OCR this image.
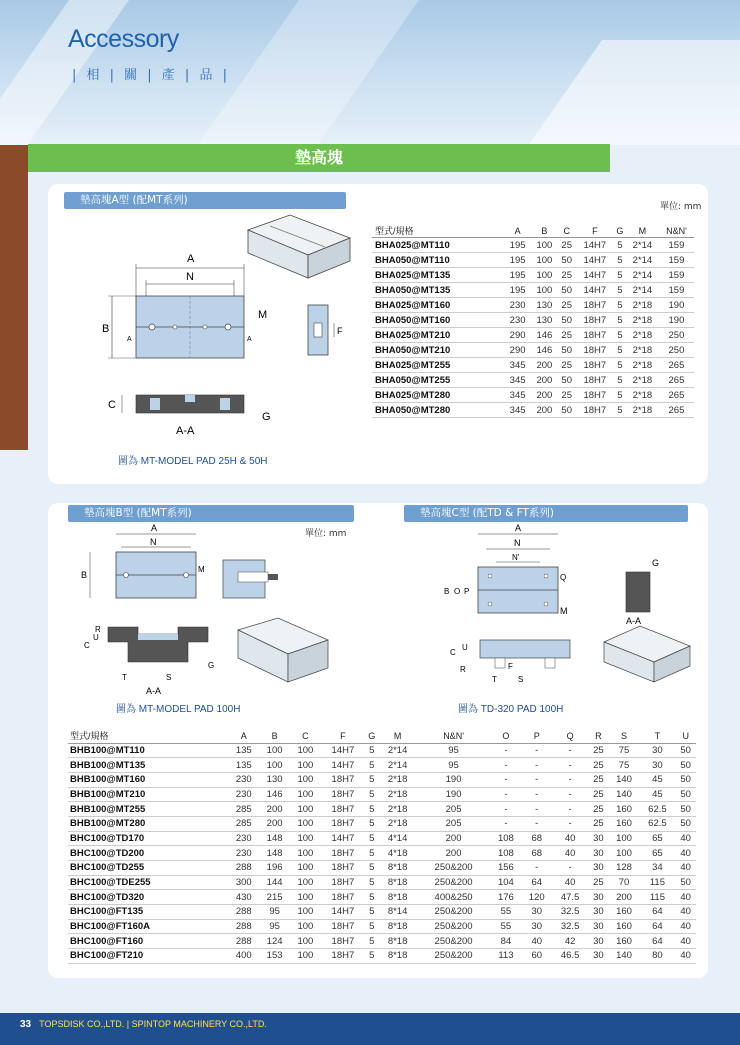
Accessory
| 相 | 關 | 產 | 品 |
墊高塊
墊高塊A型 (配MT系列)
單位: mm
A
N
B
M
A	A
F
C
G
A-A
圖為 MT-MODEL PAD 25H & 50H
型式/規格	A	B	C	F	G	M	N&N'
BHA025@MT110	195	100	25	14H7	5	2*14	159
BHA050@MT110	195	100	50	14H7	5	2*14	159
BHA025@MT135	195	100	25	14H7	5	2*14	159
BHA050@MT135	195	100	50	14H7	5	2*14	159
BHA025@MT160	230	130	25	18H7	5	2*18	190
BHA050@MT160	230	130	50	18H7	5	2*18	190
BHA025@MT210	290	146	25	18H7	5	2*18	250
BHA050@MT210	290	146	50	18H7	5	2*18	250
BHA025@MT255	345	200	25	18H7	5	2*18	265
BHA050@MT255	345	200	50	18H7	5	2*18	265
BHA025@MT280	345	200	25	18H7	5	2*18	265
BHA050@MT280	345	200	50	18H7	5	2*18	265
墊高塊B型 (配MT系列)	墊高塊C型 (配TD & FT系列)
單位: mm
A
N
B
M
C
U
R
T	S
G
A-A
圖為 MT-MODEL PAD 100H
A
N
N'
B O P
Q
M
G
A-A
C
U
R	F
T	S
圖為 TD-320 PAD 100H
型式/規格	A	B	C	F	G	M	N&N'	O	P	Q	R	S	T	U
BHB100@MT110	135	100	100	14H7	5	2*14	95	-	-	-	25	75	30	50
BHB100@MT135	135	100	100	14H7	5	2*14	95	-	-	-	25	75	30	50
BHB100@MT160	230	130	100	18H7	5	2*18	190	-	-	-	25	140	45	50
BHB100@MT210	230	146	100	18H7	5	2*18	190	-	-	-	25	140	45	50
BHB100@MT255	285	200	100	18H7	5	2*18	205	-	-	-	25	160	62.5	50
BHB100@MT280	285	200	100	18H7	5	2*18	205	-	-	-	25	160	62.5	50
BHC100@TD170	230	148	100	14H7	5	4*14	200	108	68	40	30	100	65	40
BHC100@TD200	230	148	100	18H7	5	4*18	200	108	68	40	30	100	65	40
BHC100@TD255	288	196	100	18H7	5	8*18	250&200	156	-	-	30	128	34	40
BHC100@TDE255	300	144	100	18H7	5	8*18	250&200	104	64	40	25	70	115	50
BHC100@TD320	430	215	100	18H7	5	8*18	400&250	176	120	47.5	30	200	115	40
BHC100@FT135	288	95	100	14H7	5	8*14	250&200	55	30	32.5	30	160	64	40
BHC100@FT160A	288	95	100	18H7	5	8*18	250&200	55	30	32.5	30	160	64	40
BHC100@FT160	288	124	100	18H7	5	8*18	250&200	84	40	42	30	160	64	40
BHC100@FT210	400	153	100	18H7	5	8*18	250&200	113	60	46.5	30	140	80	40
33 TOPSDISK CO.,LTD. | SPINTOP MACHINERY CO.,LTD.
